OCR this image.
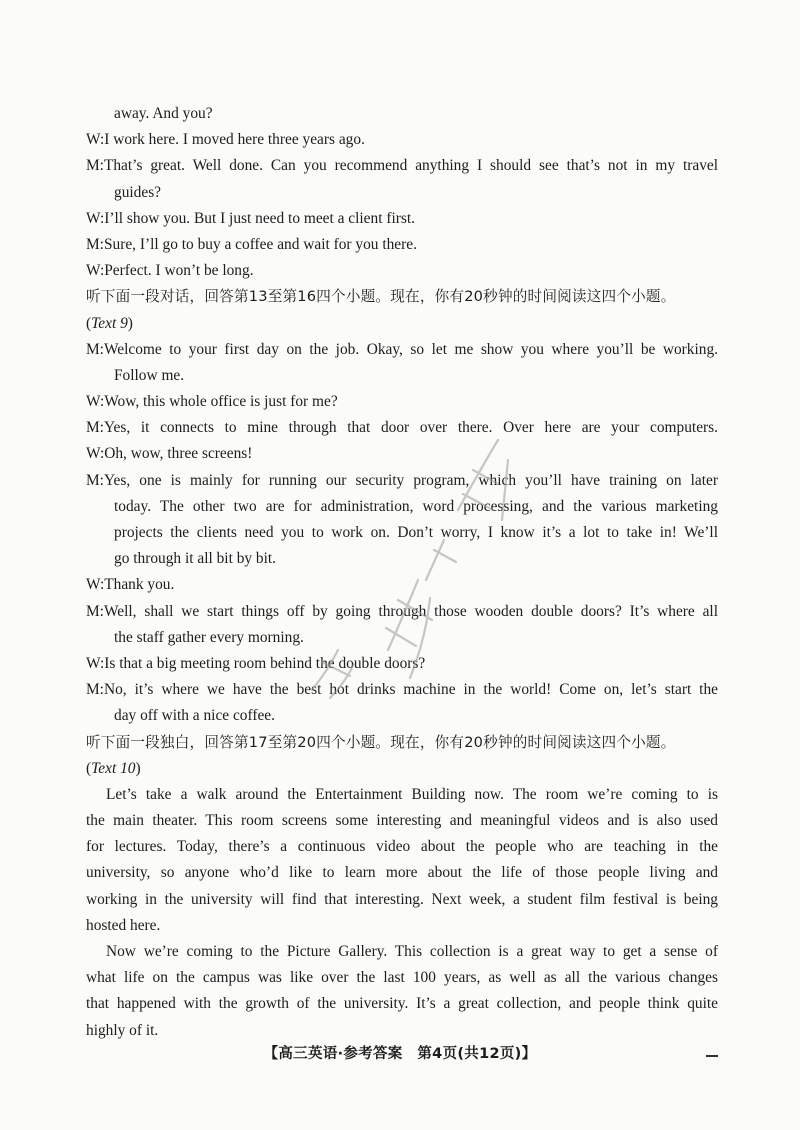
away. And you?
W:I work here. I moved here three years ago.
M:That’s great. Well done. Can you recommend anything I should see that’s not in my travel
guides?
W:I’ll show you. But I just need to meet a client first.
M:Sure, I’ll go to buy a coffee and wait for you there.
W:Perfect. I won’t be long.
听下面一段对话，回答第13至第16四个小题。现在，你有20秒钟的时间阅读这四个小题。
(Text 9)
M:Welcome to your first day on the job. Okay, so let me show you where you’ll be working.
Follow me.
W:Wow, this whole office is just for me?
M:Yes, it connects to mine through that door over there. Over here are your computers.
W:Oh, wow, three screens!
M:Yes, one is mainly for running our security program, which you’ll have training on later
today. The other two are for administration, word processing, and the various marketing
projects the clients need you to work on. Don’t worry, I know it’s a lot to take in! We’ll
go through it all bit by bit.
W:Thank you.
M:Well, shall we start things off by going through those wooden double doors? It’s where all
the staff gather every morning.
W:Is that a big meeting room behind the double doors?
M:No, it’s where we have the best hot drinks machine in the world! Come on, let’s start the
day off with a nice coffee.
听下面一段独白，回答第17至第20四个小题。现在，你有20秒钟的时间阅读这四个小题。
(Text 10)
Let’s take a walk around the Entertainment Building now. The room we’re coming to is
the main theater. This room screens some interesting and meaningful videos and is also used
for lectures. Today, there’s a continuous video about the people who are teaching in the
university, so anyone who’d like to learn more about the life of those people living and
working in the university will find that interesting. Next week, a student film festival is being
hosted here.
Now we’re coming to the Picture Gallery. This collection is a great way to get a sense of
what life on the campus was like over the last 100 years, as well as all the various changes
that happened with the growth of the university. It’s a great collection, and people think quite
highly of it.
【高三英语·参考答案　第4页(共12页)】
